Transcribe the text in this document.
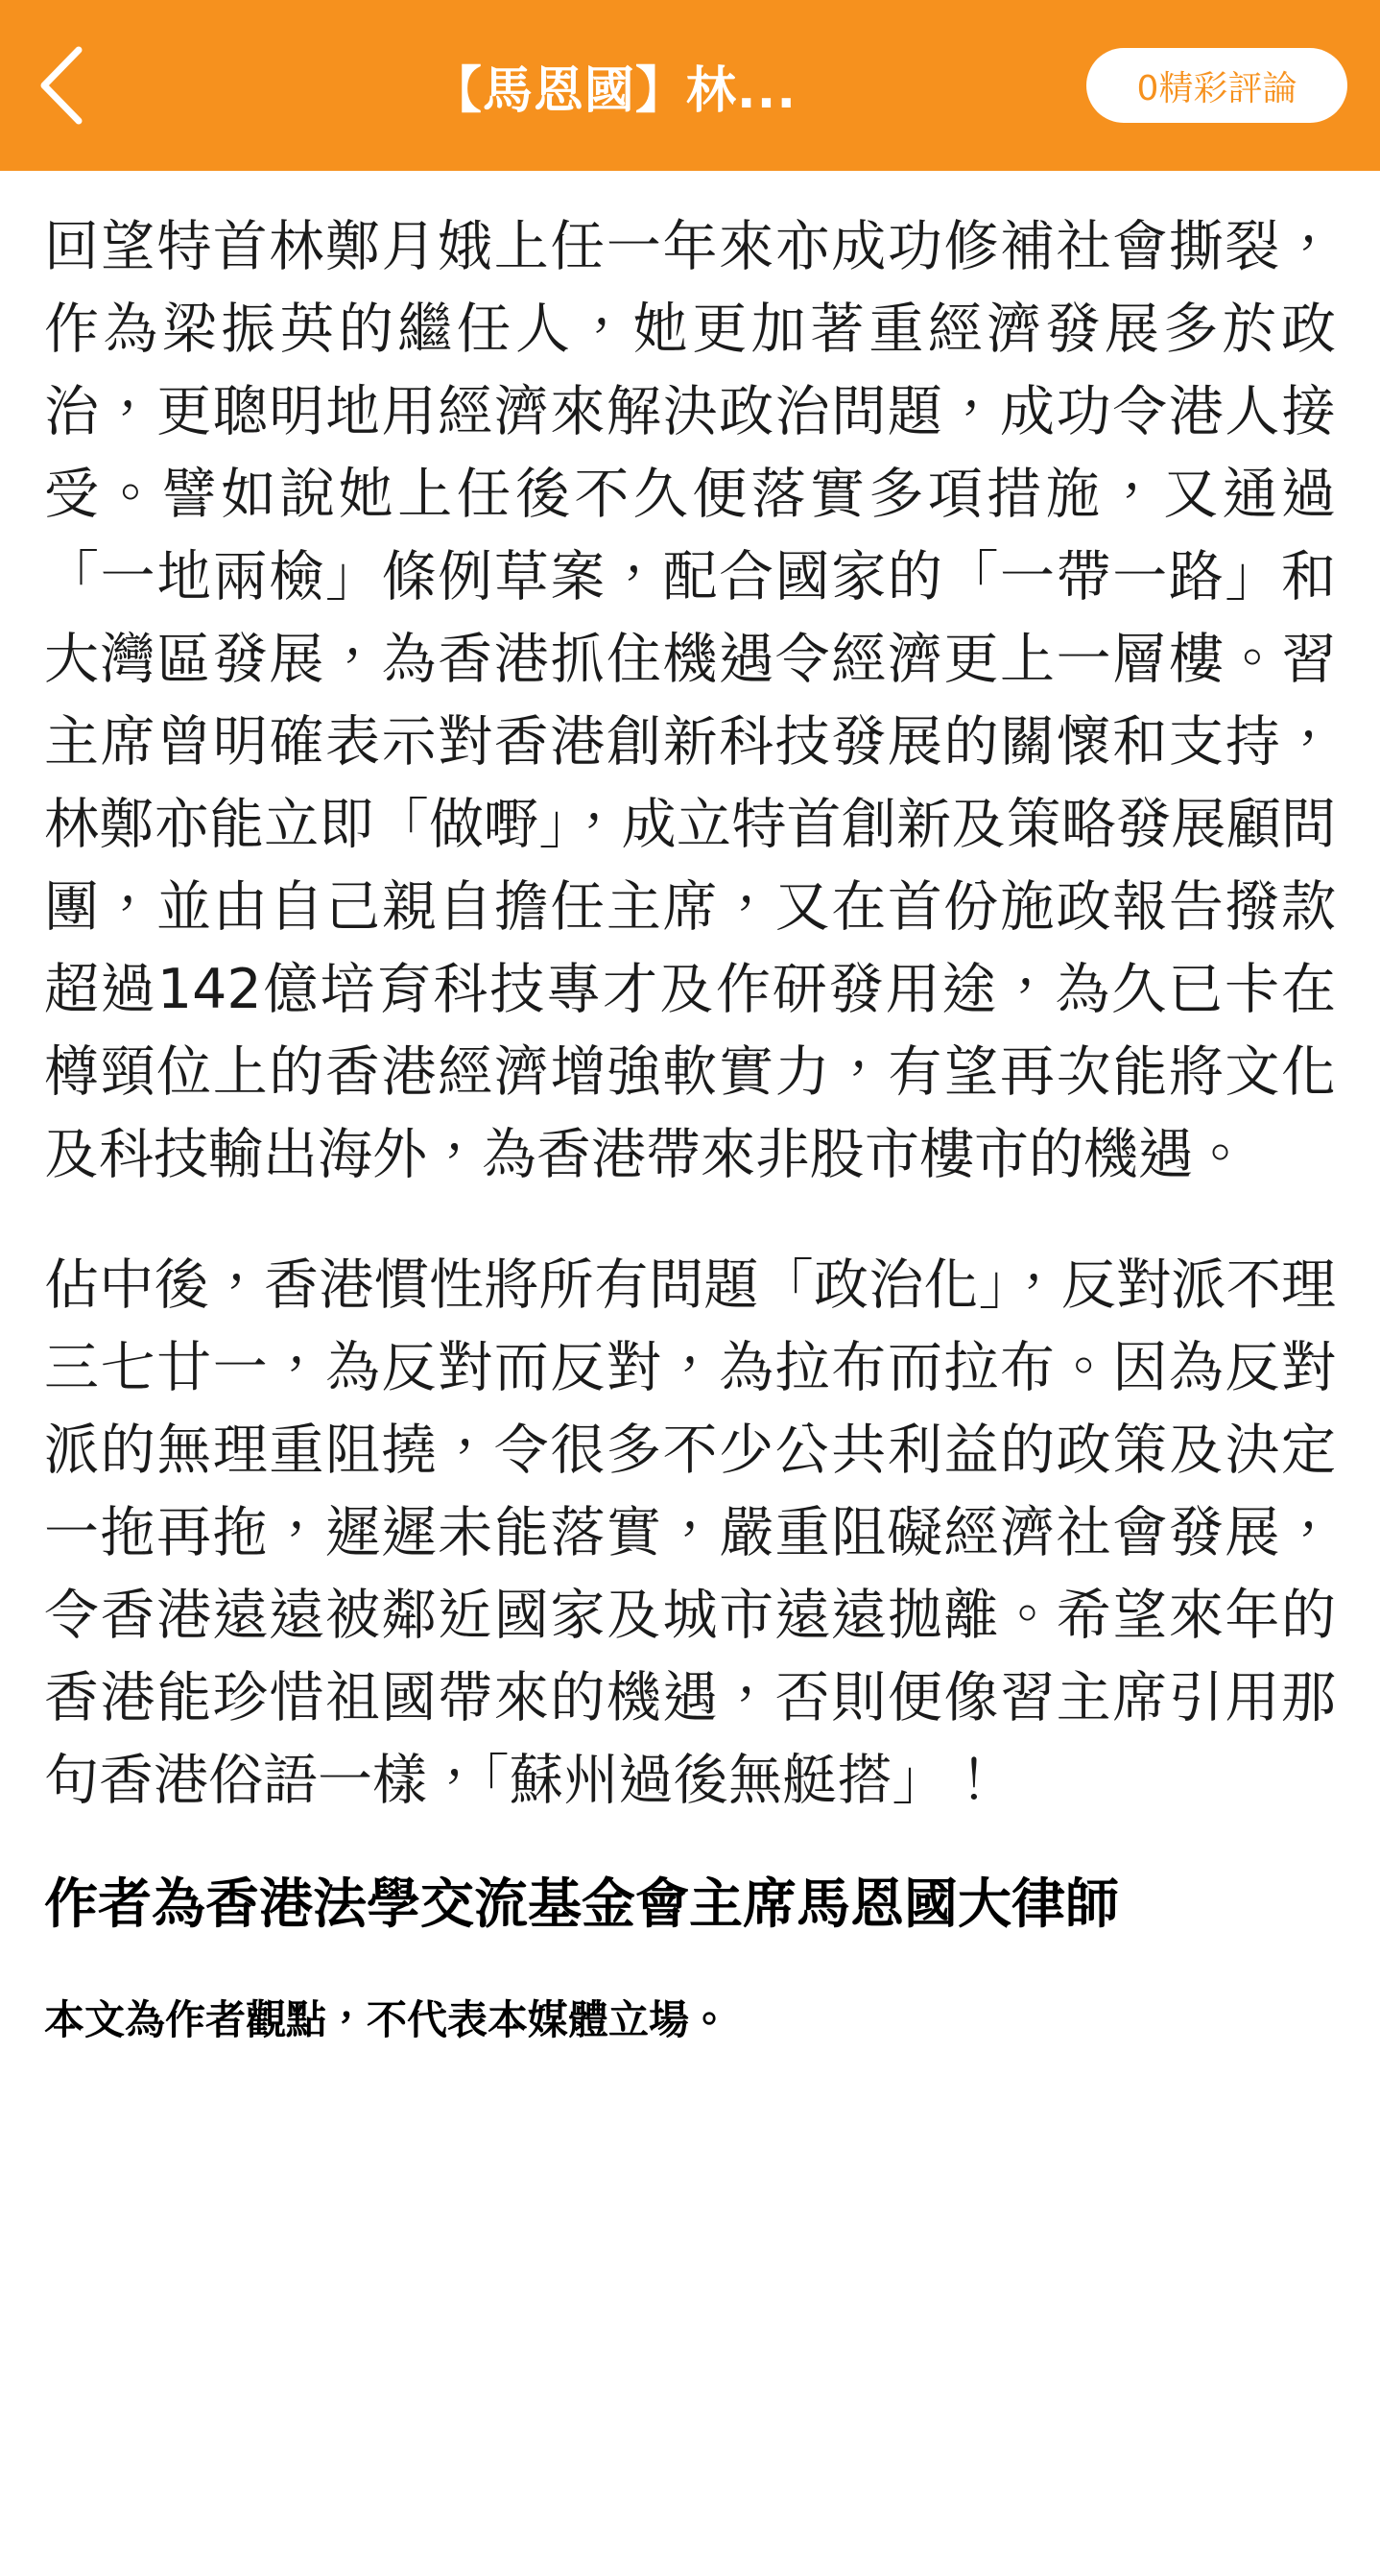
【馬恩國】林...	0精彩評論

回望特首林鄭月娥上任一年來亦成功修補社會撕裂，作為梁振英的繼任人，她更加著重經濟發展多於政治，更聰明地用經濟來解決政治問題，成功令港人接受。譬如說她上任後不久便落實多項措施，又通過「一地兩檢」條例草案，配合國家的「一帶一路」和大灣區發展，為香港抓住機遇令經濟更上一層樓。習主席曾明確表示對香港創新科技發展的關懷和支持，林鄭亦能立即「做嘢」，成立特首創新及策略發展顧問團，並由自己親自擔任主席，又在首份施政報告撥款超過142億培育科技專才及作研發用途，為久已卡在樽頸位上的香港經濟增強軟實力，有望再次能將文化及科技輸出海外，為香港帶來非股市樓市的機遇。

佔中後，香港慣性將所有問題「政治化」，反對派不理三七廿一，為反對而反對，為拉布而拉布。因為反對派的無理重阻撓，令很多不少公共利益的政策及決定一拖再拖，遲遲未能落實，嚴重阻礙經濟社會發展，令香港遠遠被鄰近國家及城市遠遠拋離。希望來年的香港能珍惜祖國帶來的機遇，否則便像習主席引用那句香港俗語一樣，「蘇州過後無艇搭」！

作者為香港法學交流基金會主席馬恩國大律師

本文為作者觀點，不代表本媒體立場。
